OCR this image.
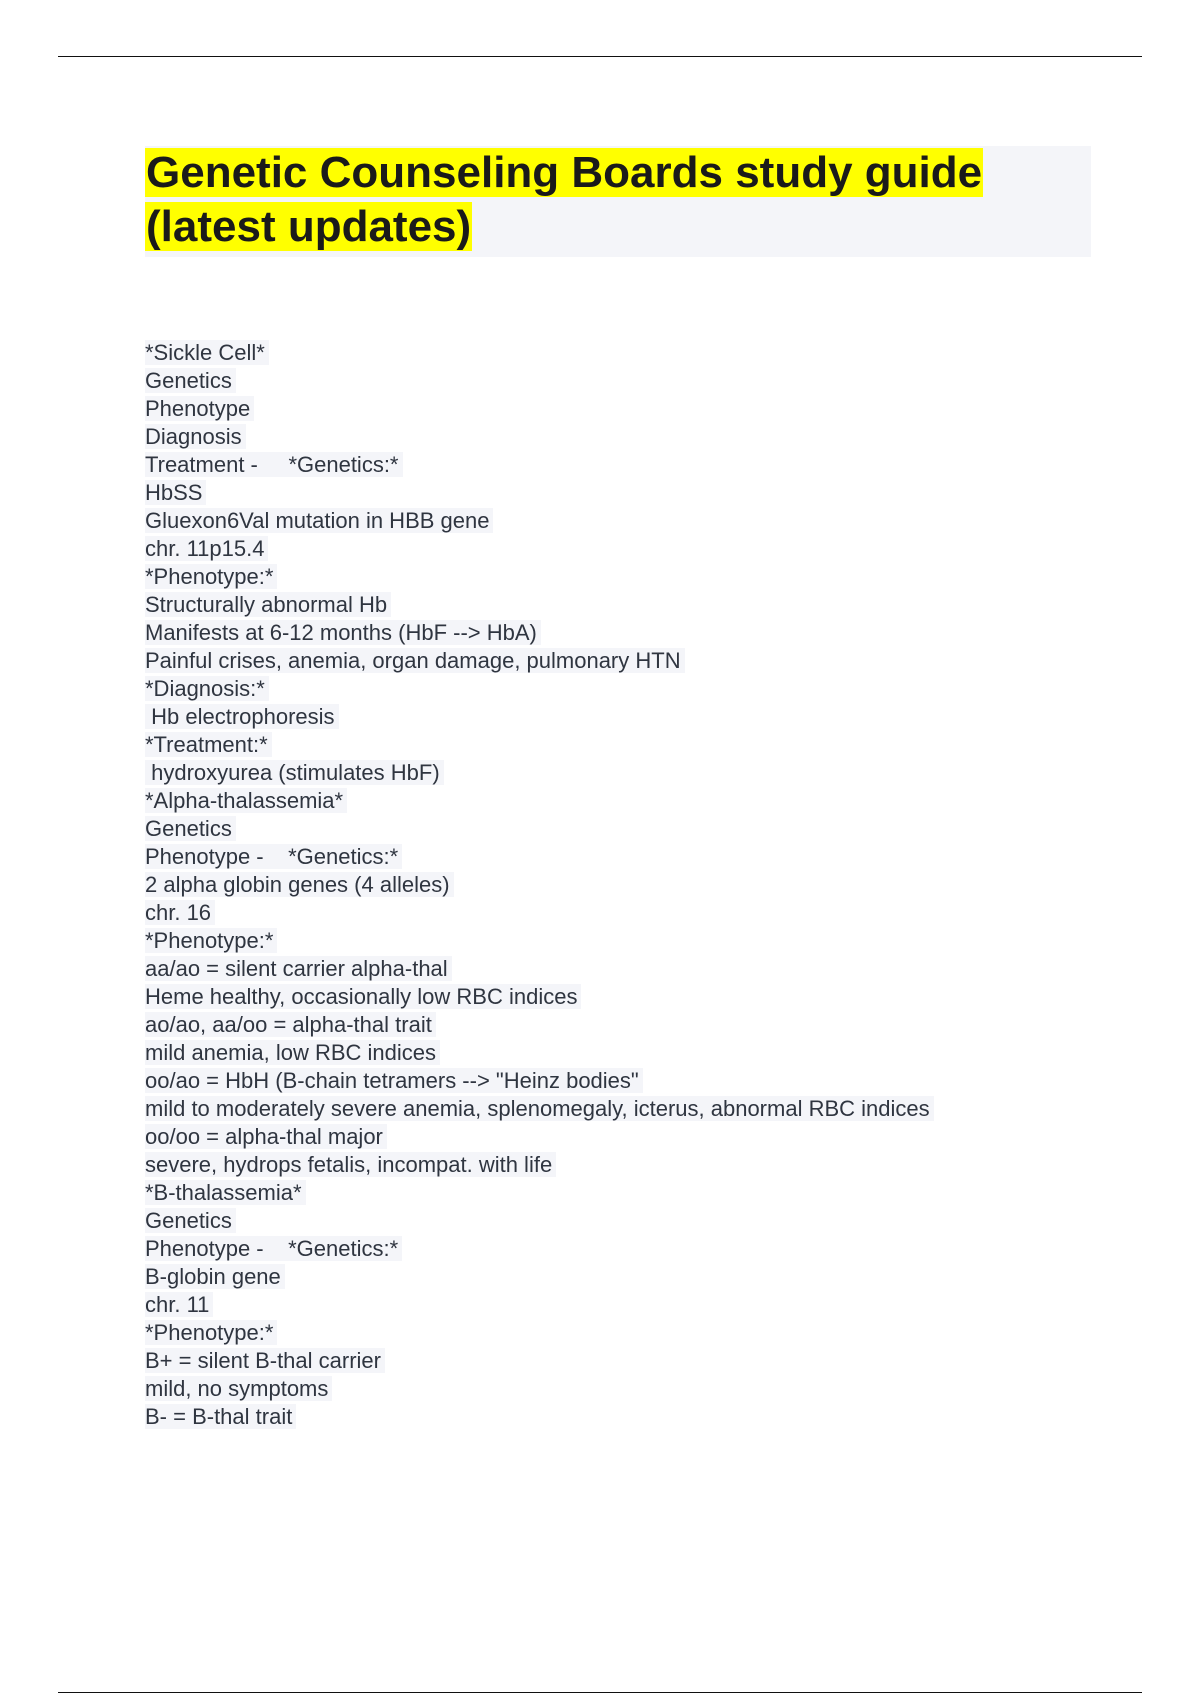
Genetic Counseling Boards study guide (latest updates)
*Sickle Cell*
Genetics
Phenotype
Diagnosis
Treatment -     *Genetics:*
HbSS
Gluexon6Val mutation in HBB gene
chr. 11p15.4
*Phenotype:*
Structurally abnormal Hb
Manifests at 6-12 months (HbF --> HbA)
Painful crises, anemia, organ damage, pulmonary HTN
*Diagnosis:*
Hb electrophoresis
*Treatment:*
hydroxyurea (stimulates HbF)
*Alpha-thalassemia*
Genetics
Phenotype -    *Genetics:*
2 alpha globin genes (4 alleles)
chr. 16
*Phenotype:*
aa/ao = silent carrier alpha-thal
Heme healthy, occasionally low RBC indices
ao/ao, aa/oo = alpha-thal trait
mild anemia, low RBC indices
oo/ao = HbH (B-chain tetramers --> "Heinz bodies"
mild to moderately severe anemia, splenomegaly, icterus, abnormal RBC indices
oo/oo = alpha-thal major
severe, hydrops fetalis, incompat. with life
*B-thalassemia*
Genetics
Phenotype -    *Genetics:*
B-globin gene
chr. 11
*Phenotype:*
B+ = silent B-thal carrier
mild, no symptoms
B- = B-thal trait
